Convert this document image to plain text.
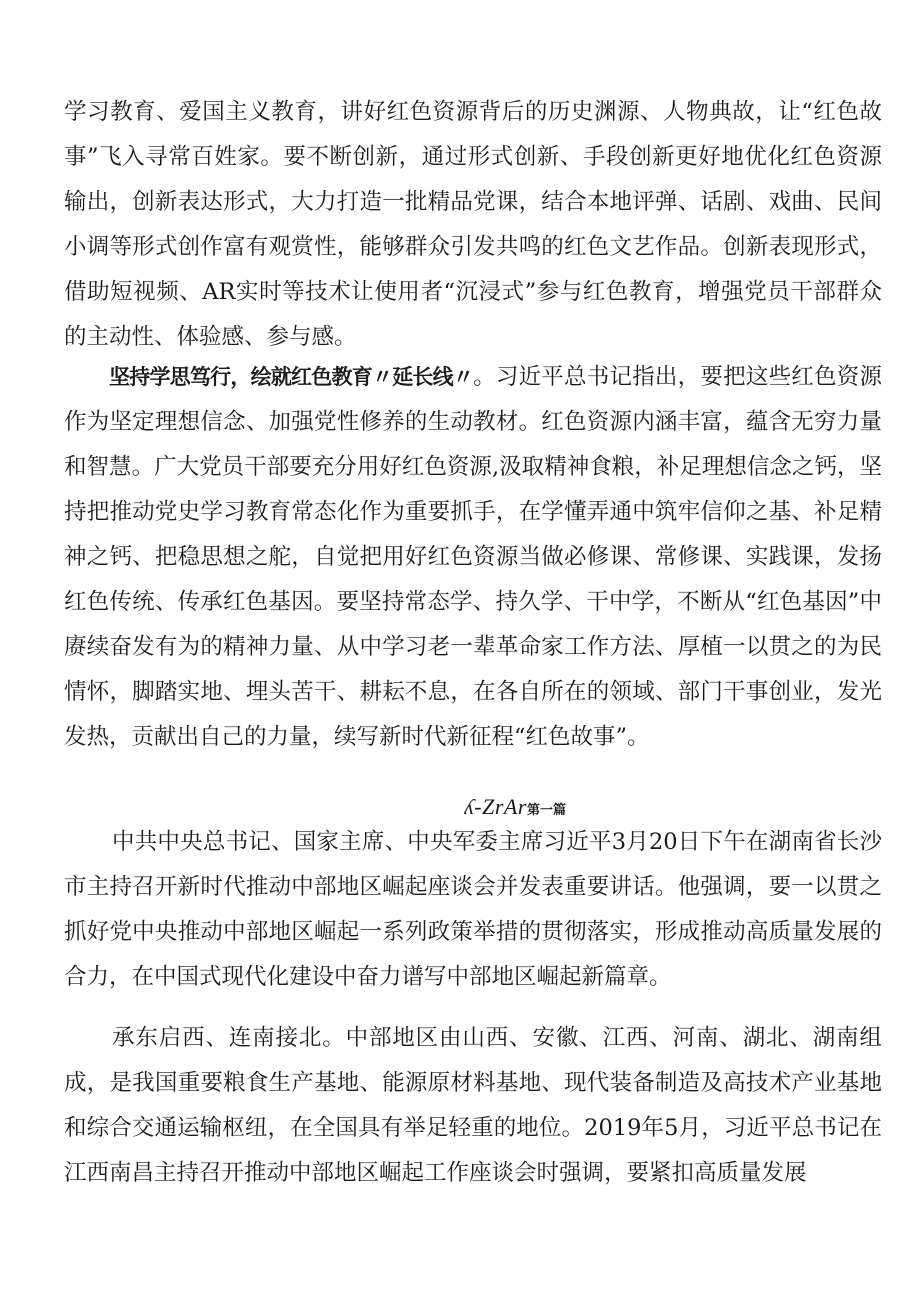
学习教育、爱国主义教育，讲好红色资源背后的历史渊源、人物典故，让“红色故事”飞入寻常百姓家。要不断创新，通过形式创新、手段创新更好地优化红色资源输出，创新表达形式，大力打造一批精品党课，结合本地评弹、话剧、戏曲、民间小调等形式创作富有观赏性，能够群众引发共鸣的红色文艺作品。创新表现形式，借助短视频、AR实时等技术让使用者“沉浸式”参与红色教育，增强党员干部群众的主动性、体验感、参与感。

坚持学思笃行，绘就红色教育〃延长线〃。习近平总书记指出，要把这些红色资源作为坚定理想信念、加强党性修养的生动教材。红色资源内涵丰富，蕴含无穷力量和智慧。广大党员干部要充分用好红色资源,汲取精神食粮，补足理想信念之钙，坚持把推动党史学习教育常态化作为重要抓手，在学懂弄通中筑牢信仰之基、补足精神之钙、把稳思想之舵，自觉把用好红色资源当做必修课、常修课、实践课，发扬红色传统、传承红色基因。要坚持常态学、持久学、干中学，不断从“红色基因”中赓续奋发有为的精神力量、从中学习老一辈革命家工作方法、厚植一以贯之的为民情怀，脚踏实地、埋头苦干、耕耘不息，在各自所在的领域、部门干事创业，发光发热，贡献出自己的力量，续写新时代新征程“红色故事”。

ʎ-ZrAr第一篇

中共中央总书记、国家主席、中央军委主席习近平3月20日下午在湖南省长沙市主持召开新时代推动中部地区崛起座谈会并发表重要讲话。他强调，要一以贯之抓好党中央推动中部地区崛起一系列政策举措的贯彻落实，形成推动高质量发展的合力，在中国式现代化建设中奋力谱写中部地区崛起新篇章。

承东启西、连南接北。中部地区由山西、安徽、江西、河南、湖北、湖南组成，是我国重要粮食生产基地、能源原材料基地、现代装备制造及高技术产业基地和综合交通运输枢纽，在全国具有举足轻重的地位。2019年5月，习近平总书记在江西南昌主持召开推动中部地区崛起工作座谈会时强调，要紧扣高质量发展
